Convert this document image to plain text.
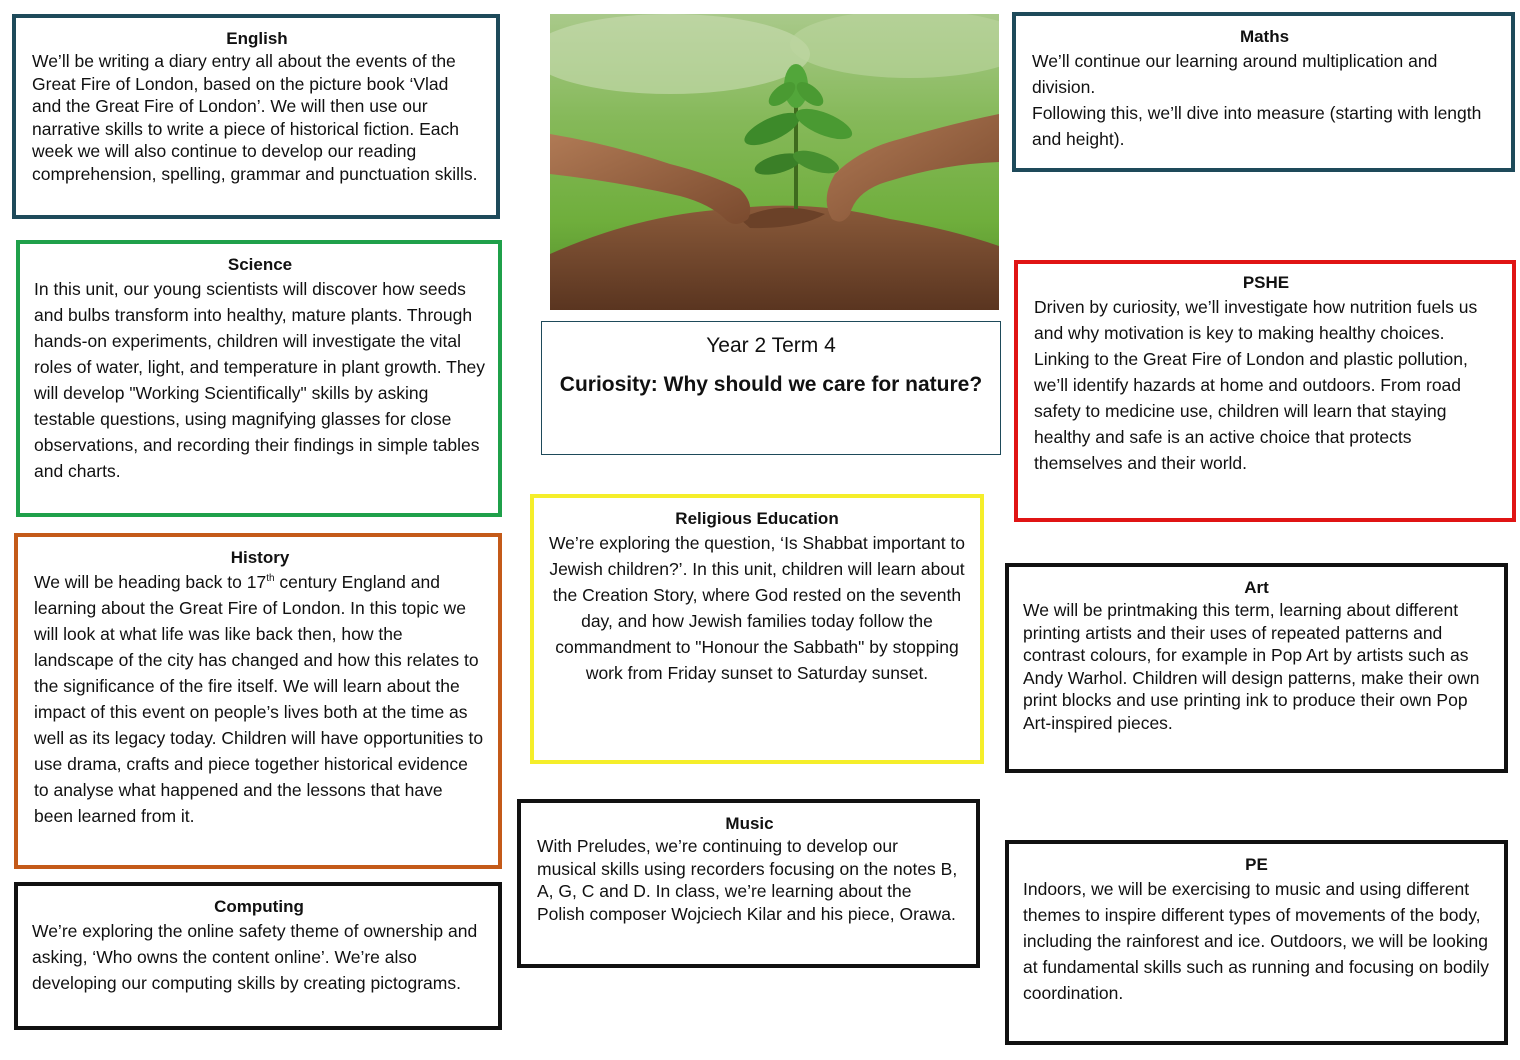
English

We’ll be writing a diary entry all about the events of the Great Fire of London, based on the picture book ‘Vlad and the Great Fire of London’. We will then use our narrative skills to write a piece of historical fiction. Each week we will also continue to develop our reading comprehension, spelling, grammar and punctuation skills.

Science

In this unit, our young scientists will discover how seeds and bulbs transform into healthy, mature plants. Through hands-on experiments, children will investigate the vital roles of water, light, and temperature in plant growth. They will develop "Working Scientifically" skills by asking testable questions, using magnifying glasses for close observations, and recording their findings in simple tables and charts.

History

We will be heading back to 17th century England and learning about the Great Fire of London. In this topic we will look at what life was like back then, how the landscape of the city has changed and how this relates to the significance of the fire itself. We will learn about the impact of this event on people’s lives both at the time as well as its legacy today. Children will have opportunities to use drama, crafts and piece together historical evidence to analyse what happened and the lessons that have been learned from it.

Computing

We’re exploring the online safety theme of ownership and asking, ‘Who owns the content online’. We’re also developing our computing skills by creating pictograms.

Year 2 Term 4
Curiosity: Why should we care for nature?
Religious Education

We’re exploring the question, ‘Is Shabbat important to Jewish children?’. In this unit, children will learn about the Creation Story, where God rested on the seventh day, and how Jewish families today follow the commandment to "Honour the Sabbath" by stopping work from Friday sunset to Saturday sunset.

Music

With Preludes, we’re continuing to develop our musical skills using recorders focusing on the notes B, A, G, C and D. In class, we’re learning about the Polish composer Wojciech Kilar and his piece, Orawa.

Maths

We’ll continue our learning around multiplication and division.

Following this, we’ll dive into measure (starting with length and height).

PSHE

Driven by curiosity, we’ll investigate how nutrition fuels us and why motivation is key to making healthy choices. Linking to the Great Fire of London and plastic pollution, we’ll identify hazards at home and outdoors. From road safety to medicine use, children will learn that staying healthy and safe is an active choice that protects themselves and their world.

Art

We will be printmaking this term, learning about different printing artists and their uses of repeated patterns and contrast colours, for example in Pop Art by artists such as Andy Warhol. Children will design patterns, make their own print blocks and use printing ink to produce their own Pop Art-inspired pieces.

PE

Indoors, we will be exercising to music and using different themes to inspire different types of movements of the body, including the rainforest and ice. Outdoors, we will be looking at fundamental skills such as running and focusing on bodily coordination.
